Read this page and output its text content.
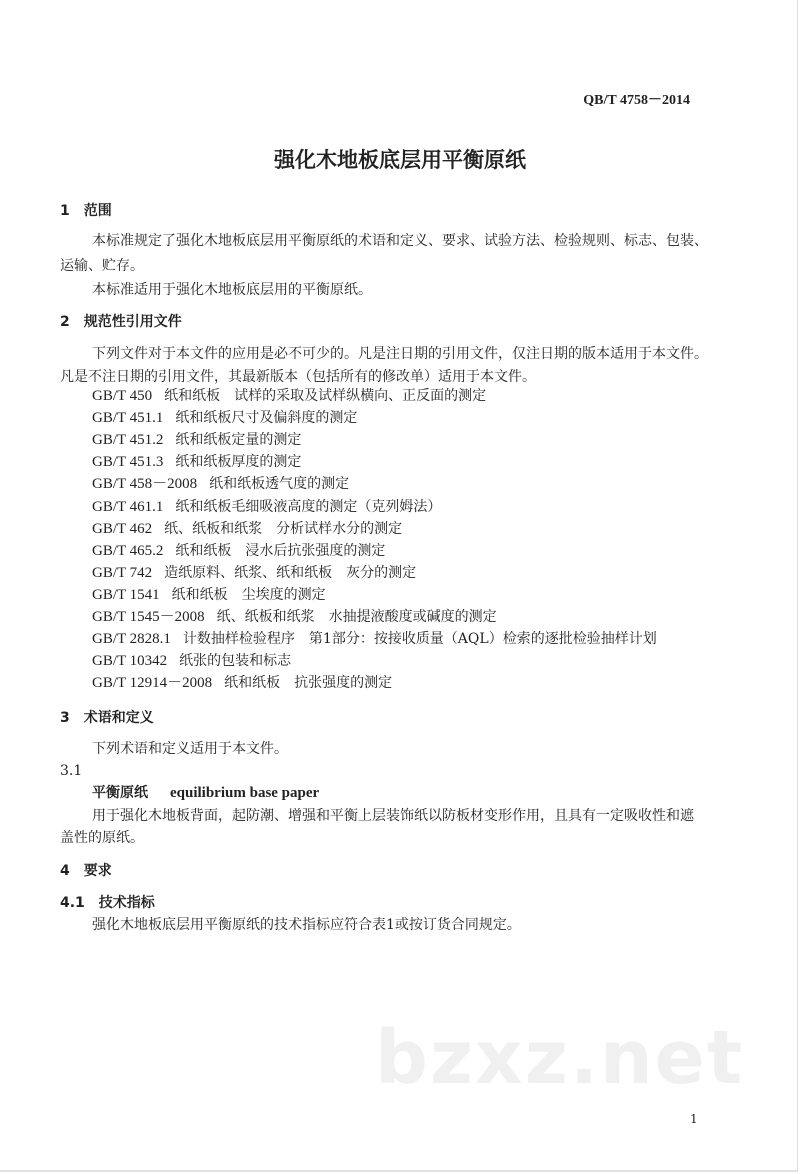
QB/T 4758－2014
强化木地板底层用平衡原纸
1　范围
本标准规定了强化木地板底层用平衡原纸的术语和定义、要求、试验方法、检验规则、标志、包装、
运输、贮存。
本标准适用于强化木地板底层用的平衡原纸。
2　规范性引用文件
下列文件对于本文件的应用是必不可少的。凡是注日期的引用文件，仅注日期的版本适用于本文件。
凡是不注日期的引用文件，其最新版本（包括所有的修改单）适用于本文件。
GB/T 450 纸和纸板　试样的采取及试样纵横向、正反面的测定
GB/T 451.1 纸和纸板尺寸及偏斜度的测定
GB/T 451.2 纸和纸板定量的测定
GB/T 451.3 纸和纸板厚度的测定
GB/T 458－2008 纸和纸板透气度的测定
GB/T 461.1 纸和纸板毛细吸液高度的测定（克列姆法）
GB/T 462 纸、纸板和纸浆　分析试样水分的测定
GB/T 465.2 纸和纸板　浸水后抗张强度的测定
GB/T 742 造纸原料、纸浆、纸和纸板　灰分的测定
GB/T 1541 纸和纸板　尘埃度的测定
GB/T 1545－2008 纸、纸板和纸浆　水抽提液酸度或碱度的测定
GB/T 2828.1 计数抽样检验程序　第1部分：按接收质量（AQL）检索的逐批检验抽样计划
GB/T 10342 纸张的包装和标志
GB/T 12914－2008 纸和纸板　抗张强度的测定
3　术语和定义
下列术语和定义适用于本文件。
3.1
平衡原纸 equilibrium base paper
用于强化木地板背面，起防潮、增强和平衡上层装饰纸以防板材变形作用，且具有一定吸收性和遮
盖性的原纸。
4　要求
4.1　技术指标
强化木地板底层用平衡原纸的技术指标应符合表1或按订货合同规定。
bzxz.net
1
